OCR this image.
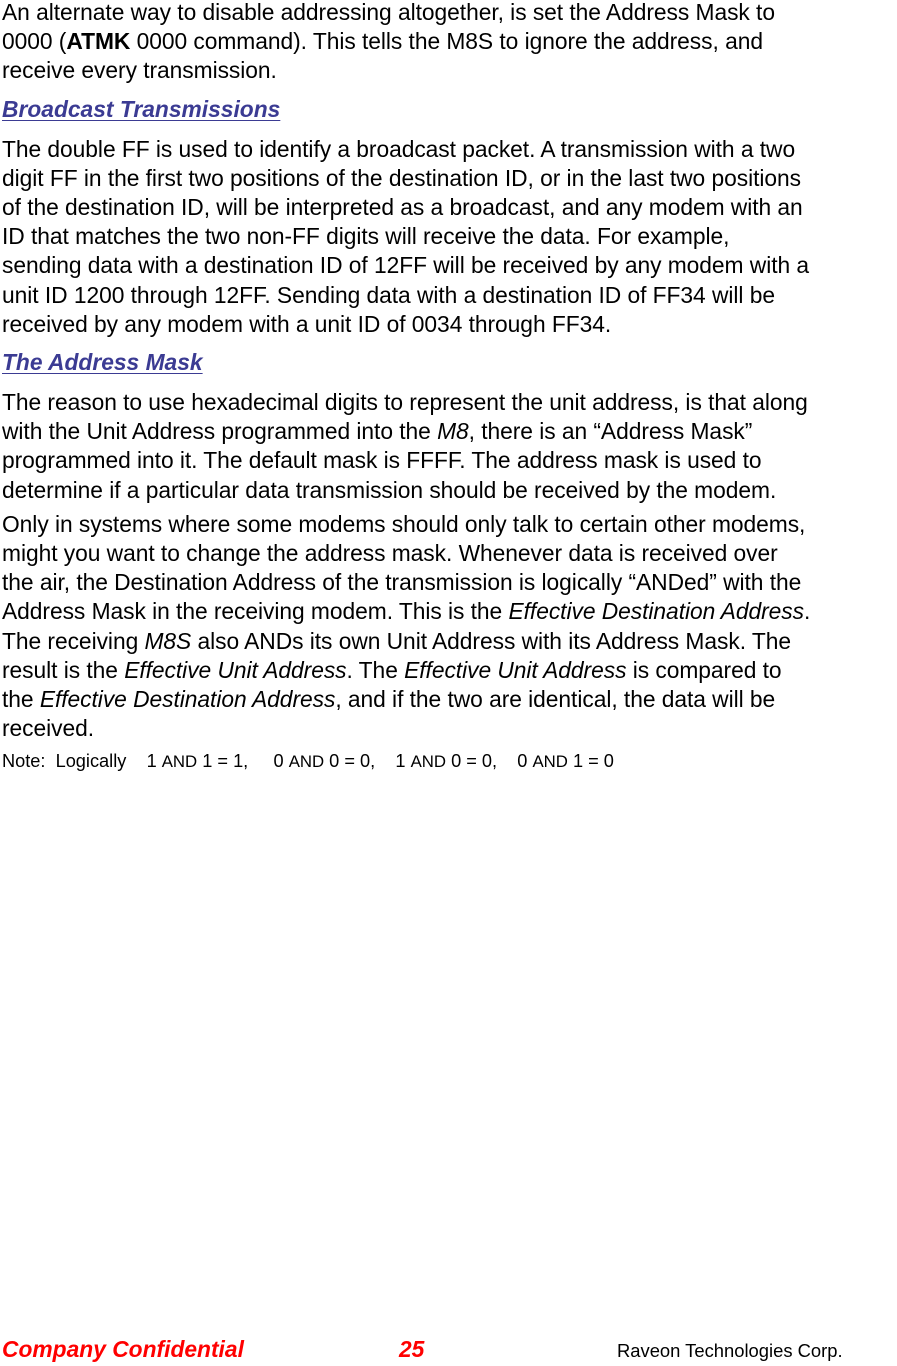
An alternate way to disable addressing altogether, is set the Address Mask to
0000 (ATMK 0000 command). This tells the M8S to ignore the address, and
receive every transmission.

Broadcast Transmissions

The double FF is used to identify a broadcast packet. A transmission with a two
digit FF in the first two positions of the destination ID, or in the last two positions
of the destination ID, will be interpreted as a broadcast, and any modem with an
ID that matches the two non-FF digits will receive the data. For example,
sending data with a destination ID of 12FF will be received by any modem with a
unit ID 1200 through 12FF. Sending data with a destination ID of FF34 will be
received by any modem with a unit ID of 0034 through FF34.

The Address Mask

The reason to use hexadecimal digits to represent the unit address, is that along
with the Unit Address programmed into the M8, there is an “Address Mask”
programmed into it. The default mask is FFFF. The address mask is used to
determine if a particular data transmission should be received by the modem.

Only in systems where some modems should only talk to certain other modems,
might you want to change the address mask. Whenever data is received over
the air, the Destination Address of the transmission is logically “ANDed” with the
Address Mask in the receiving modem. This is the Effective Destination Address.
The receiving M8S also ANDs its own Unit Address with its Address Mask. The
result is the Effective Unit Address. The Effective Unit Address is compared to
the Effective Destination Address, and if the two are identical, the data will be
received.

Note:  Logically    1 AND 1 = 1,     0 AND 0 = 0,    1 AND 0 = 0,    0 AND 1 = 0
Company Confidential	25	Raveon Technologies Corp.
